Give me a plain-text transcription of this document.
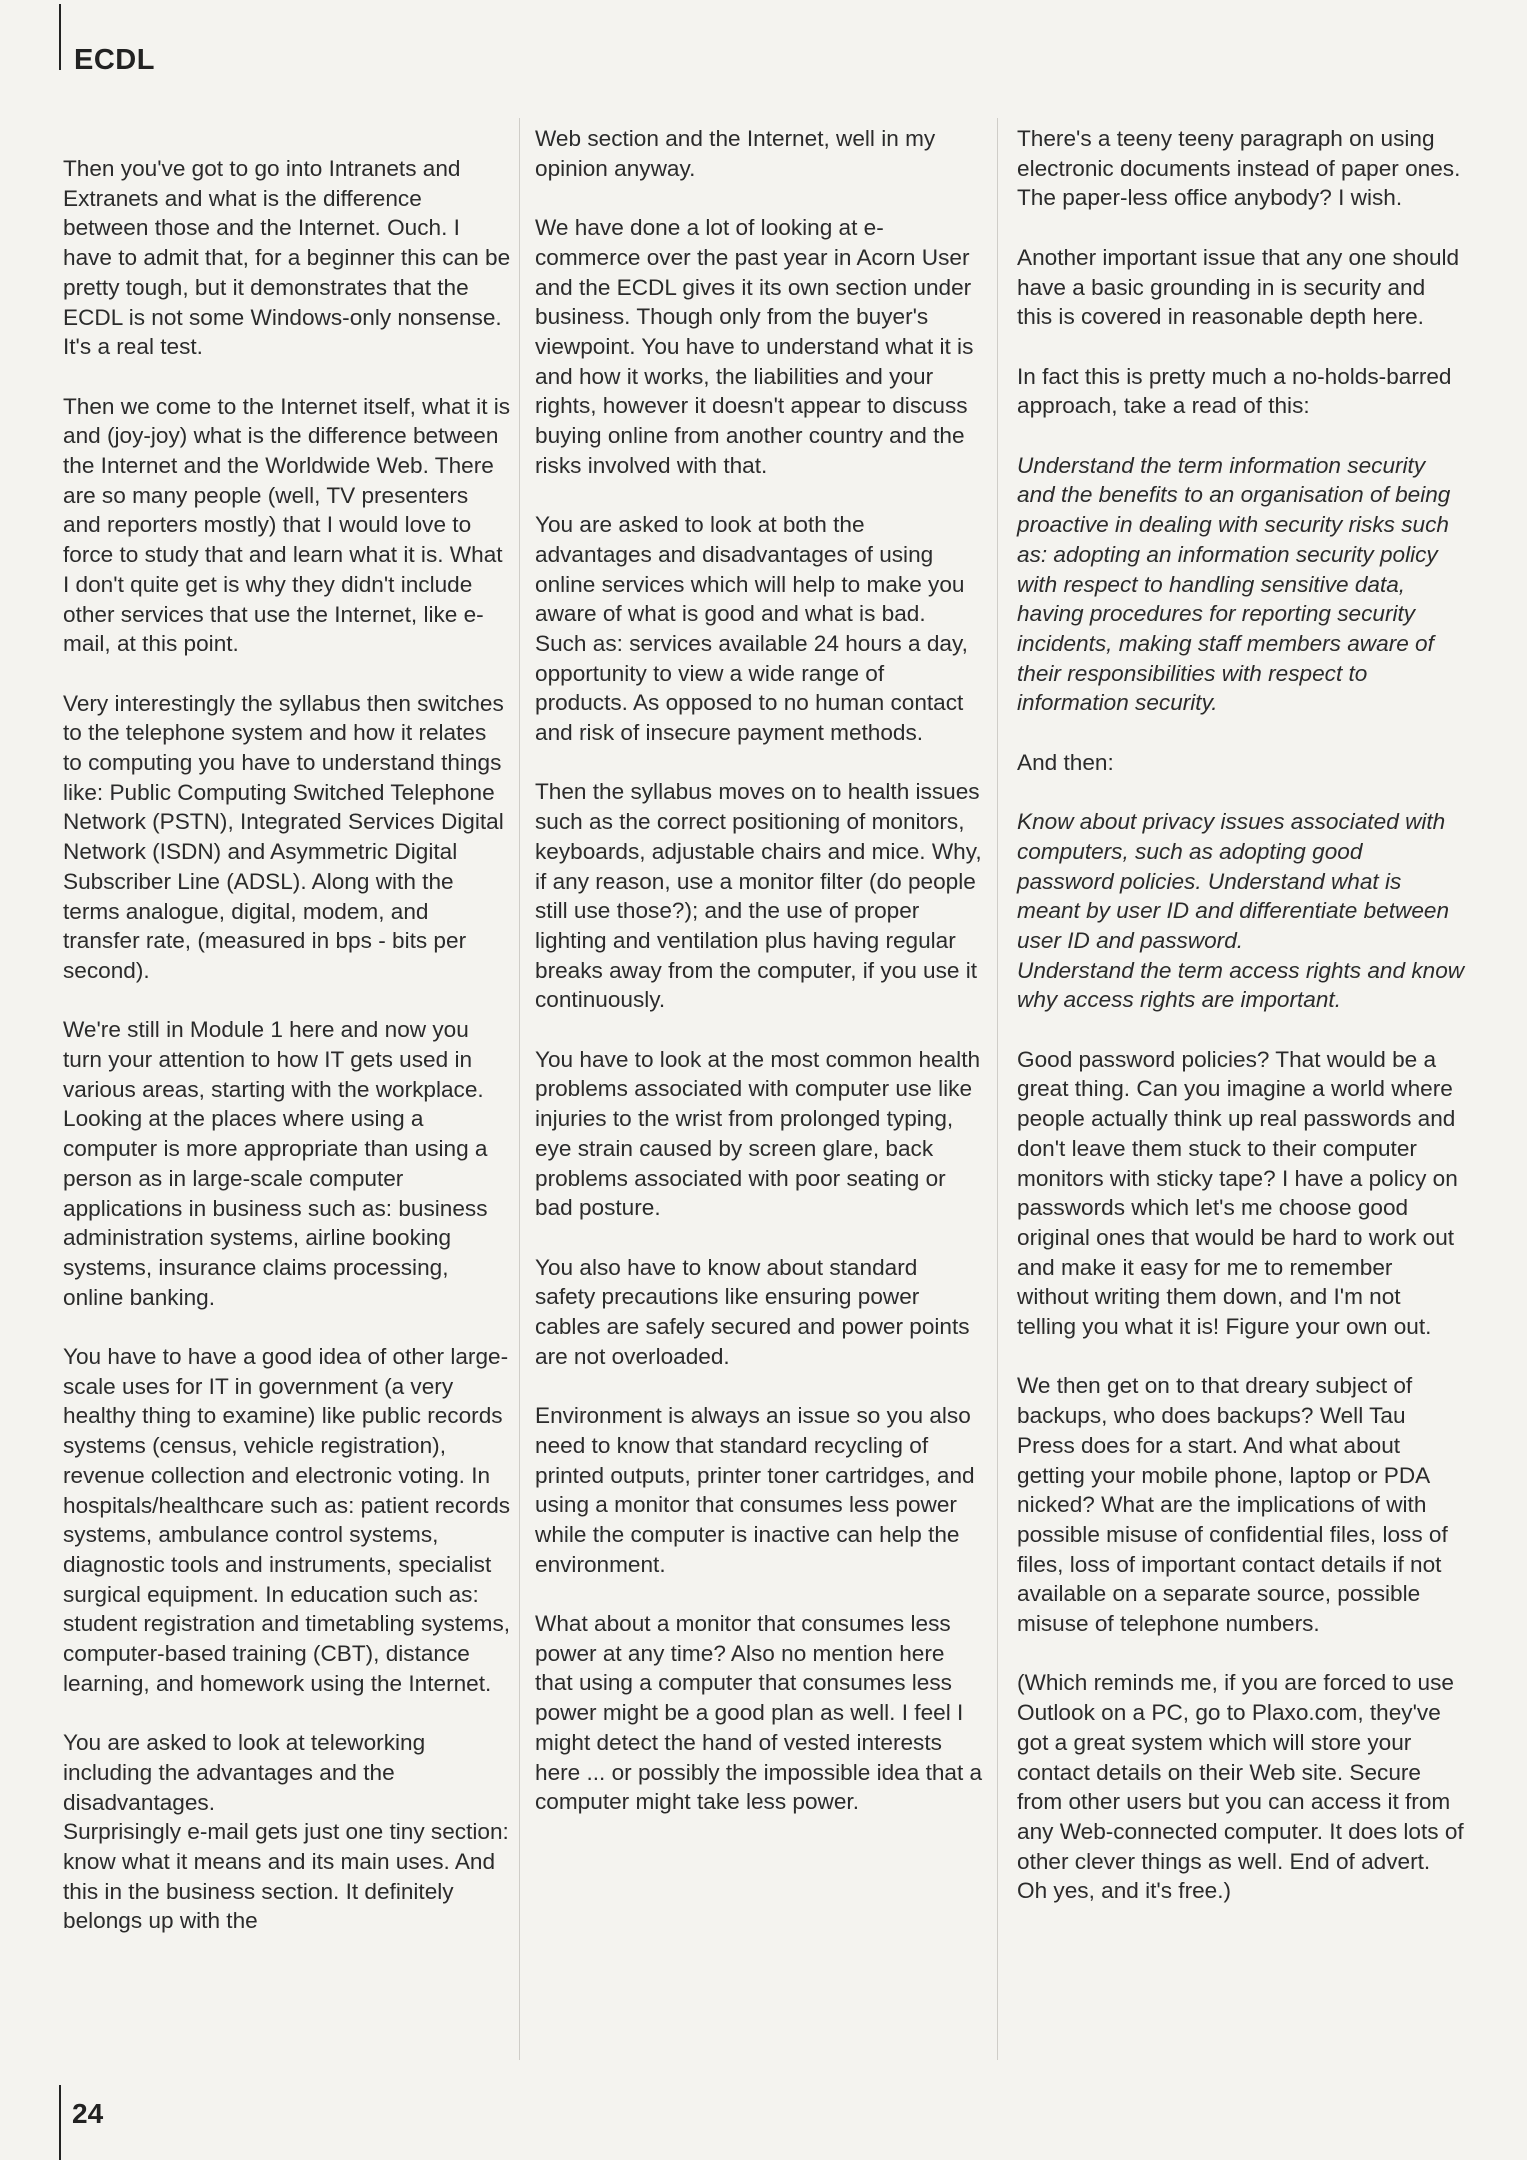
ECDL

Then you've got to go into Intranets and Extranets and what is the difference between those and the Internet. Ouch. I have to admit that, for a beginner this can be pretty tough, but it demonstrates that the ECDL is not some Windows-only nonsense. It's a real test.

Then we come to the Internet itself, what it is and (joy-joy) what is the difference between the Internet and the Worldwide Web. There are so many people (well, TV presenters and reporters mostly) that I would love to force to study that and learn what it is. What I don't quite get is why they didn't include other services that use the Internet, like e-mail, at this point.

Very interestingly the syllabus then switches to the telephone system and how it relates to computing you have to understand things like: Public Computing Switched Telephone Network (PSTN), Integrated Services Digital Network (ISDN) and Asymmetric Digital Subscriber Line (ADSL). Along with the terms analogue, digital, modem, and transfer rate, (measured in bps - bits per second).

We're still in Module 1 here and now you turn your attention to how IT gets used in various areas, starting with the workplace. Looking at the places where using a computer is more appropriate than using a person as in large-scale computer applications in business such as: business administration systems, airline booking systems, insurance claims processing, online banking.

You have to have a good idea of other large-scale uses for IT in government (a very healthy thing to examine) like public records systems (census, vehicle registration), revenue collection and electronic voting. In hospitals/healthcare such as: patient records systems, ambulance control systems, diagnostic tools and instruments, specialist surgical equipment. In education such as: student registration and timetabling systems, computer-based training (CBT), distance learning, and homework using the Internet.

You are asked to look at teleworking including the advantages and the disadvantages.

Surprisingly e-mail gets just one tiny section: know what it means and its main uses. And this in the business section. It definitely belongs up with the

Web section and the Internet, well in my opinion anyway.

We have done a lot of looking at e-commerce over the past year in Acorn User and the ECDL gives it its own section under business. Though only from the buyer's viewpoint. You have to understand what it is and how it works, the liabilities and your rights, however it doesn't appear to discuss buying online from another country and the risks involved with that.

You are asked to look at both the advantages and disadvantages of using online services which will help to make you aware of what is good and what is bad. Such as: services available 24 hours a day, opportunity to view a wide range of products. As opposed to no human contact and risk of insecure payment methods.

Then the syllabus moves on to health issues such as the correct positioning of monitors, keyboards, adjustable chairs and mice. Why, if any reason, use a monitor filter (do people still use those?); and the use of proper lighting and ventilation plus having regular breaks away from the computer, if you use it continuously.

You have to look at the most common health problems associated with computer use like injuries to the wrist from prolonged typing, eye strain caused by screen glare, back problems associated with poor seating or bad posture.

You also have to know about standard safety precautions like ensuring power cables are safely secured and power points are not overloaded.

Environment is always an issue so you also need to know that standard recycling of printed outputs, printer toner cartridges, and using a monitor that consumes less power while the computer is inactive can help the environment.

What about a monitor that consumes less power at any time? Also no mention here that using a computer that consumes less power might be a good plan as well. I feel I might detect the hand of vested interests here ... or possibly the impossible idea that a computer might take less power.

There's a teeny teeny paragraph on using electronic documents instead of paper ones. The paper-less office anybody? I wish.

Another important issue that any one should have a basic grounding in is security and this is covered in reasonable depth here.

In fact this is pretty much a no-holds-barred approach, take a read of this:

Understand the term information security and the benefits to an organisation of being proactive in dealing with security risks such as: adopting an information security policy with respect to handling sensitive data, having procedures for reporting security incidents, making staff members aware of their responsibilities with respect to information security.

And then:

Know about privacy issues associated with computers, such as adopting good password policies. Understand what is meant by user ID and differentiate between user ID and password.
Understand the term access rights and know why access rights are important.

Good password policies? That would be a great thing. Can you imagine a world where people actually think up real passwords and don't leave them stuck to their computer monitors with sticky tape? I have a policy on passwords which let's me choose good original ones that would be hard to work out and make it easy for me to remember without writing them down, and I'm not telling you what it is! Figure your own out.

We then get on to that dreary subject of backups, who does backups? Well Tau Press does for a start. And what about getting your mobile phone, laptop or PDA nicked? What are the implications of with possible misuse of confidential files, loss of files, loss of important contact details if not available on a separate source, possible misuse of telephone numbers.

(Which reminds me, if you are forced to use Outlook on a PC, go to Plaxo.com, they've got a great system which will store your contact details on their Web site. Secure from other users but you can access it from any Web-connected computer. It does lots of other clever things as well. End of advert. Oh yes, and it's free.)

24
